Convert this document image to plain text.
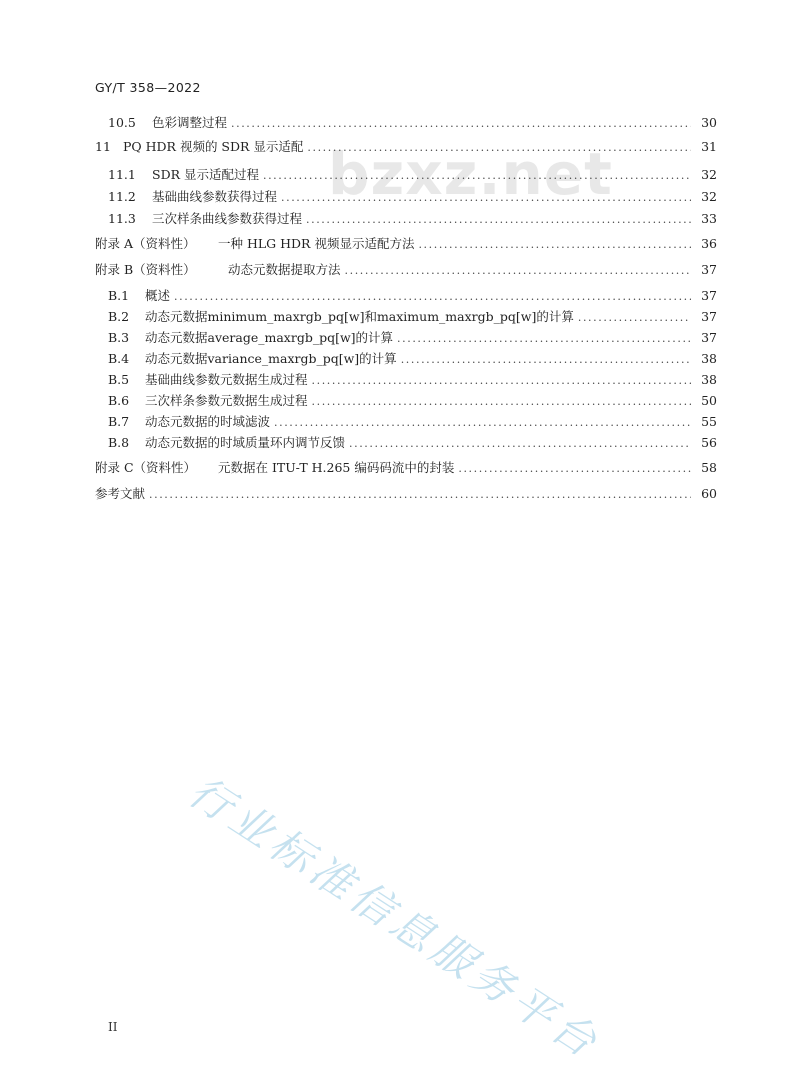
GY/T 358—2022
bzxz.net
10.5	色彩调整过程 .....	30
11 PQ HDR 视频的 SDR 显示适配 .....	31
11.1	SDR 显示适配过程 .....	32
11.2	基础曲线参数获得过程 .....	32
11.3	三次样条曲线参数获得过程 .....	33
附录 A（资料性）	一种 HLG HDR 视频显示适配方法 .....	36
附录 B（资料性）	动态元数据提取方法 .....	37
B.1	概述 .....	37
B.2	动态元数据minimum_maxrgb_pq[w]和maximum_maxrgb_pq[w]的计算 .....	37
B.3	动态元数据average_maxrgb_pq[w]的计算 .....	37
B.4	动态元数据variance_maxrgb_pq[w]的计算 .....	38
B.5	基础曲线参数元数据生成过程 .....	38
B.6	三次样条参数元数据生成过程 .....	50
B.7	动态元数据的时域滤波 .....	55
B.8	动态元数据的时域质量环内调节反馈 .....	56
附录 C（资料性）	元数据在 ITU-T H.265 编码码流中的封装 .....	58
参考文献 .....	60
行业标准信息服务平台
II
